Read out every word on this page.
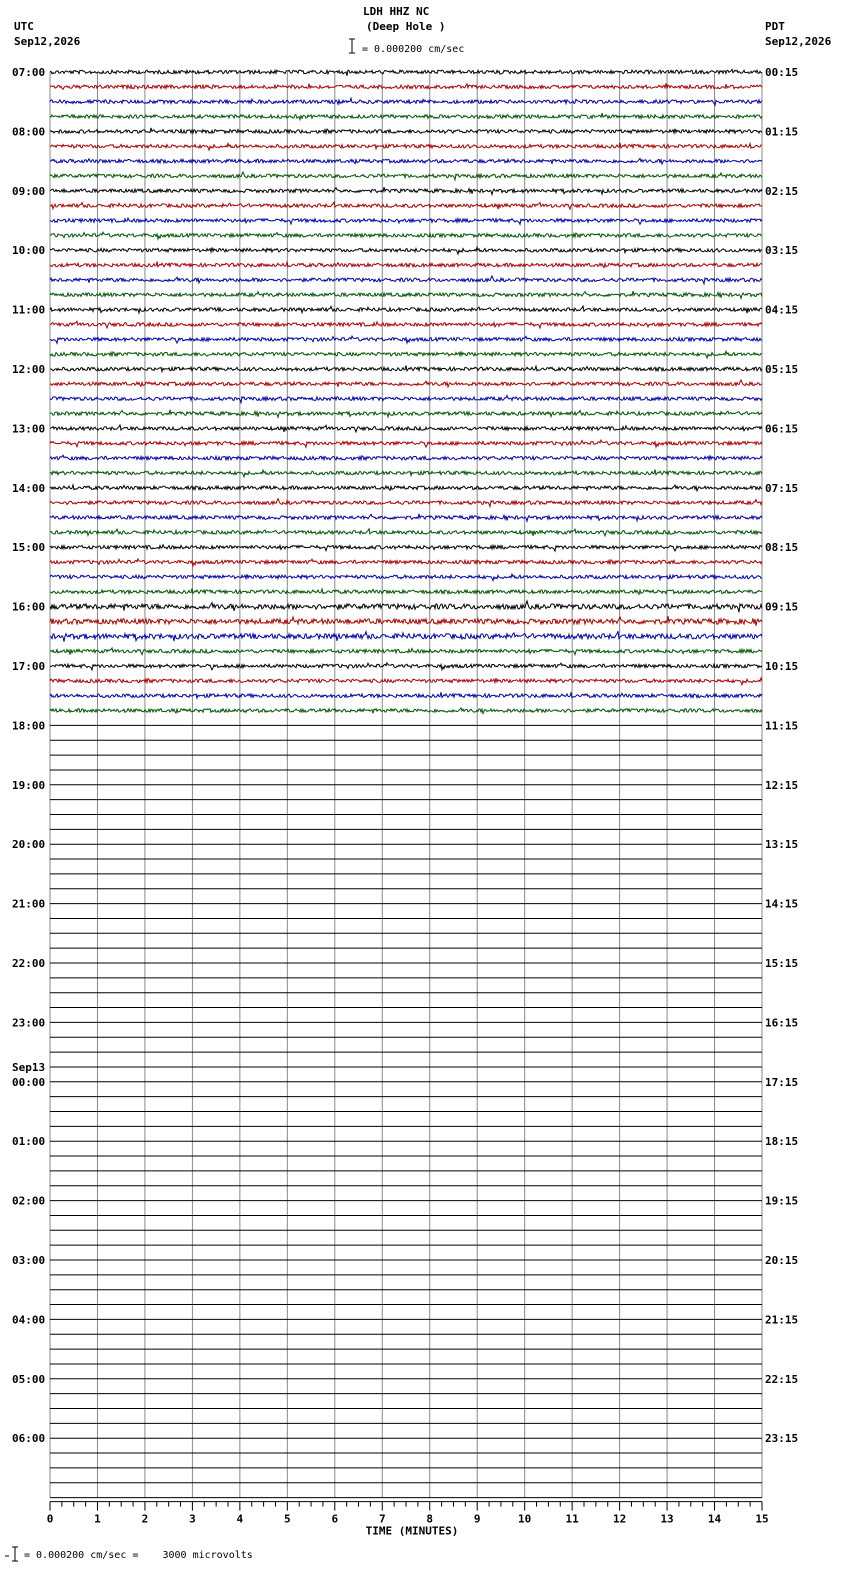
LDH HHZ NC
(Deep Hole )
UTC
Sep12,2026
PDT
Sep12,2026
= 0.000200 cm/sec
07:00	00:15
08:00	01:15
09:00	02:15
10:00	03:15
11:00	04:15
12:00	05:15
13:00	06:15
14:00	07:15
15:00	08:15
16:00	09:15
17:00	10:15
18:00	11:15
19:00	12:15
20:00	13:15
21:00	14:15
22:00	15:15
23:00	16:15
00:00	17:15
Sep13
01:00	18:15
02:00	19:15
03:00	20:15
04:00	21:15
05:00	22:15
06:00	23:15
0	1	2	3	4	5	6	7	8	9	10	11	12	13	14	15
TIME (MINUTES)
= 0.000200 cm/sec =    3000 microvolts
